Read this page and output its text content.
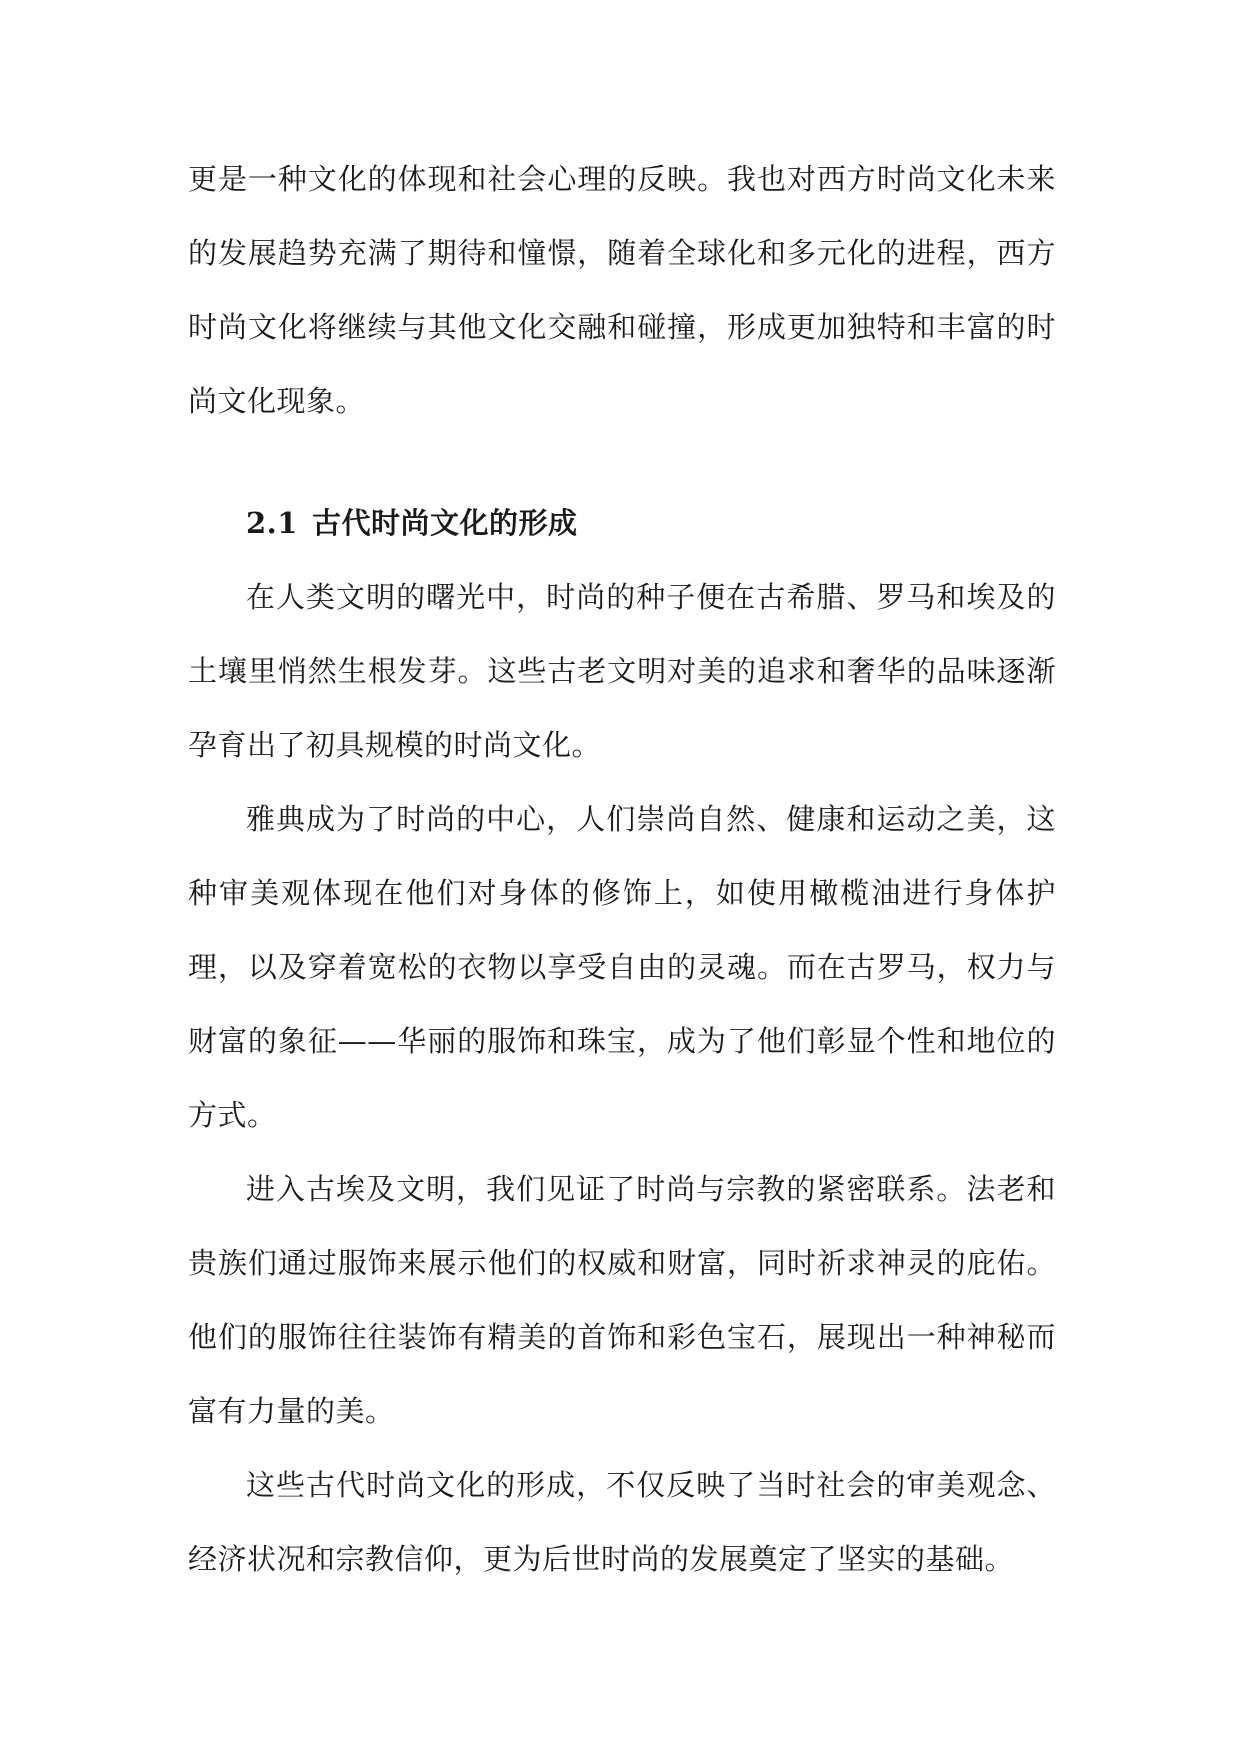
更是一种文化的体现和社会心理的反映。我也对西方时尚文化未来的发展趋势充满了期待和憧憬，随着全球化和多元化的进程，西方时尚文化将继续与其他文化交融和碰撞，形成更加独特和丰富的时尚文化现象。

2.1 古代时尚文化的形成

在人类文明的曙光中，时尚的种子便在古希腊、罗马和埃及的土壤里悄然生根发芽。这些古老文明对美的追求和奢华的品味逐渐孕育出了初具规模的时尚文化。

雅典成为了时尚的中心，人们崇尚自然、健康和运动之美，这种审美观体现在他们对身体的修饰上，如使用橄榄油进行身体护理，以及穿着宽松的衣物以享受自由的灵魂。而在古罗马，权力与财富的象征——华丽的服饰和珠宝，成为了他们彰显个性和地位的方式。

进入古埃及文明，我们见证了时尚与宗教的紧密联系。法老和贵族们通过服饰来展示他们的权威和财富，同时祈求神灵的庇佑。他们的服饰往往装饰有精美的首饰和彩色宝石，展现出一种神秘而富有力量的美。

这些古代时尚文化的形成，不仅反映了当时社会的审美观念、经济状况和宗教信仰，更为后世时尚的发展奠定了坚实的基础。
